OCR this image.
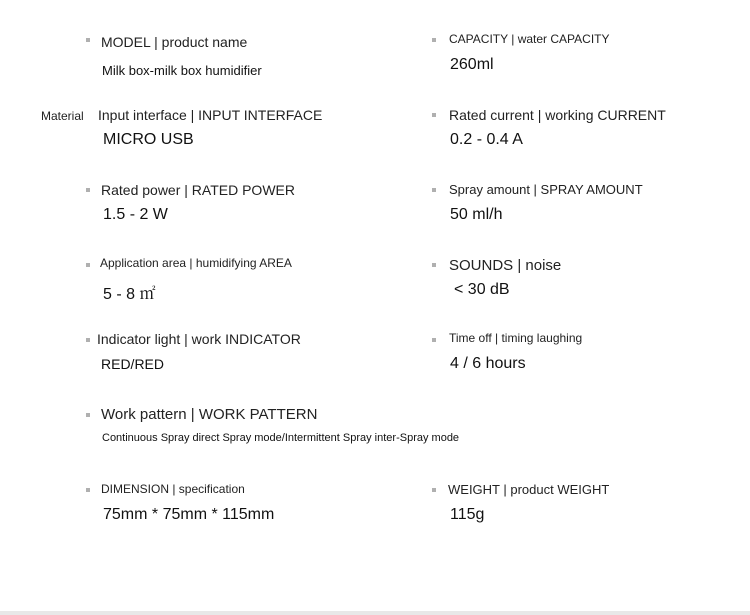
Material
MODEL | product name
Milk box-milk box humidifier
CAPACITY | water CAPACITY
260ml
Input interface | INPUT INTERFACE
MICRO USB
Rated current | working CURRENT
0.2 - 0.4 A
Rated power | RATED POWER
1.5 - 2 W
Spray amount | SPRAY AMOUNT
50 ml/h
Application area | humidifying AREA
5 - 8 ㎡
SOUNDS | noise
< 30 dB
Indicator light | work INDICATOR
RED/RED
Time off | timing laughing
4 / 6 hours
Work pattern | WORK PATTERN
Continuous Spray direct Spray mode/Intermittent Spray inter-Spray mode
DIMENSION | specification
75mm * 75mm * 115mm
WEIGHT | product WEIGHT
115g
